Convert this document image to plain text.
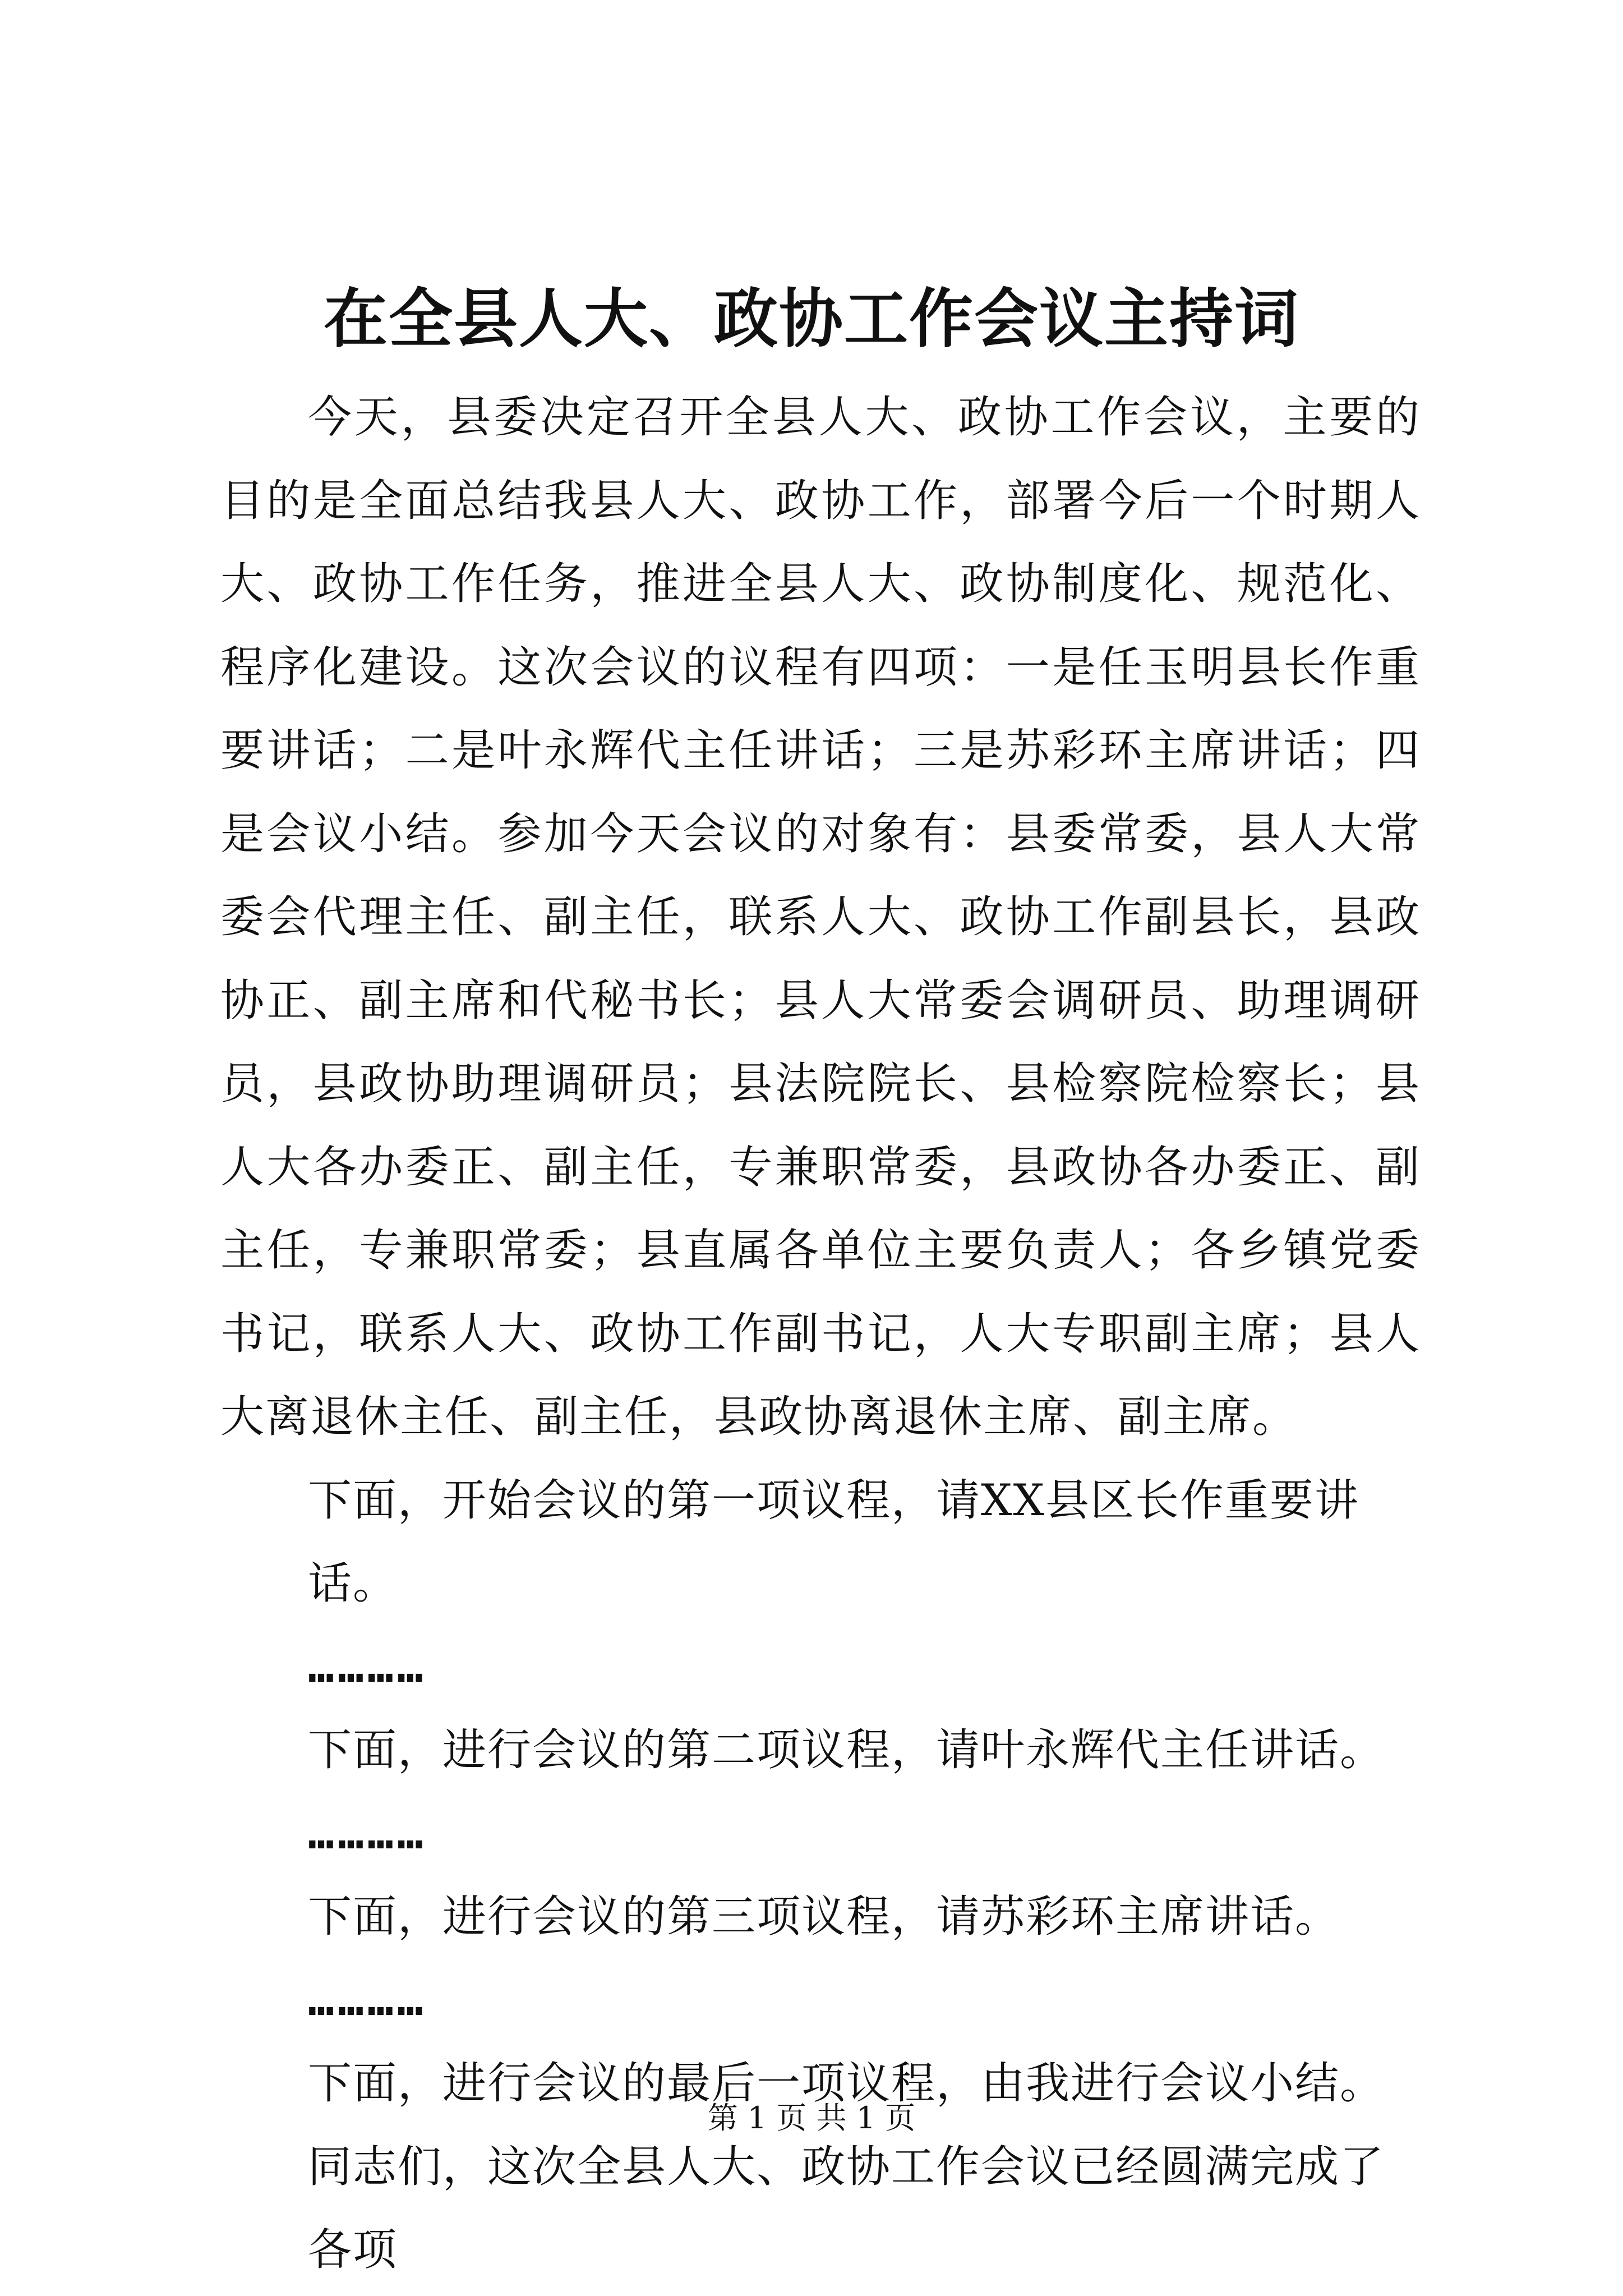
在全县人大、政协工作会议主持词

今天，县委决定召开全县人大、政协工作会议，主要的目的是全面总结我县人大、政协工作，部署今后一个时期人大、政协工作任务，推进全县人大、政协制度化、规范化、程序化建设。这次会议的议程有四项：一是任玉明县长作重要讲话；二是叶永辉代主任讲话；三是苏彩环主席讲话；四是会议小结。参加今天会议的对象有：县委常委，县人大常委会代理主任、副主任，联系人大、政协工作副县长，县政协正、副主席和代秘书长；县人大常委会调研员、助理调研员，县政协助理调研员；县法院院长、县检察院检察长；县人大各办委正、副主任，专兼职常委，县政协各办委正、副主任，专兼职常委；县直属各单位主要负责人；各乡镇党委书记，联系人大、政协工作副书记，人大专职副主席；县人大离退休主任、副主任，县政协离退休主席、副主席。

下面，开始会议的第一项议程，请XX县区长作重要讲话。

…………

下面，进行会议的第二项议程，请叶永辉代主任讲话。

…………

下面，进行会议的第三项议程，请苏彩环主席讲话。

…………

下面，进行会议的最后一项议程，由我进行会议小结。

同志们，这次全县人大、政协工作会议已经圆满完成了各项

第 1 页 共 1 页
